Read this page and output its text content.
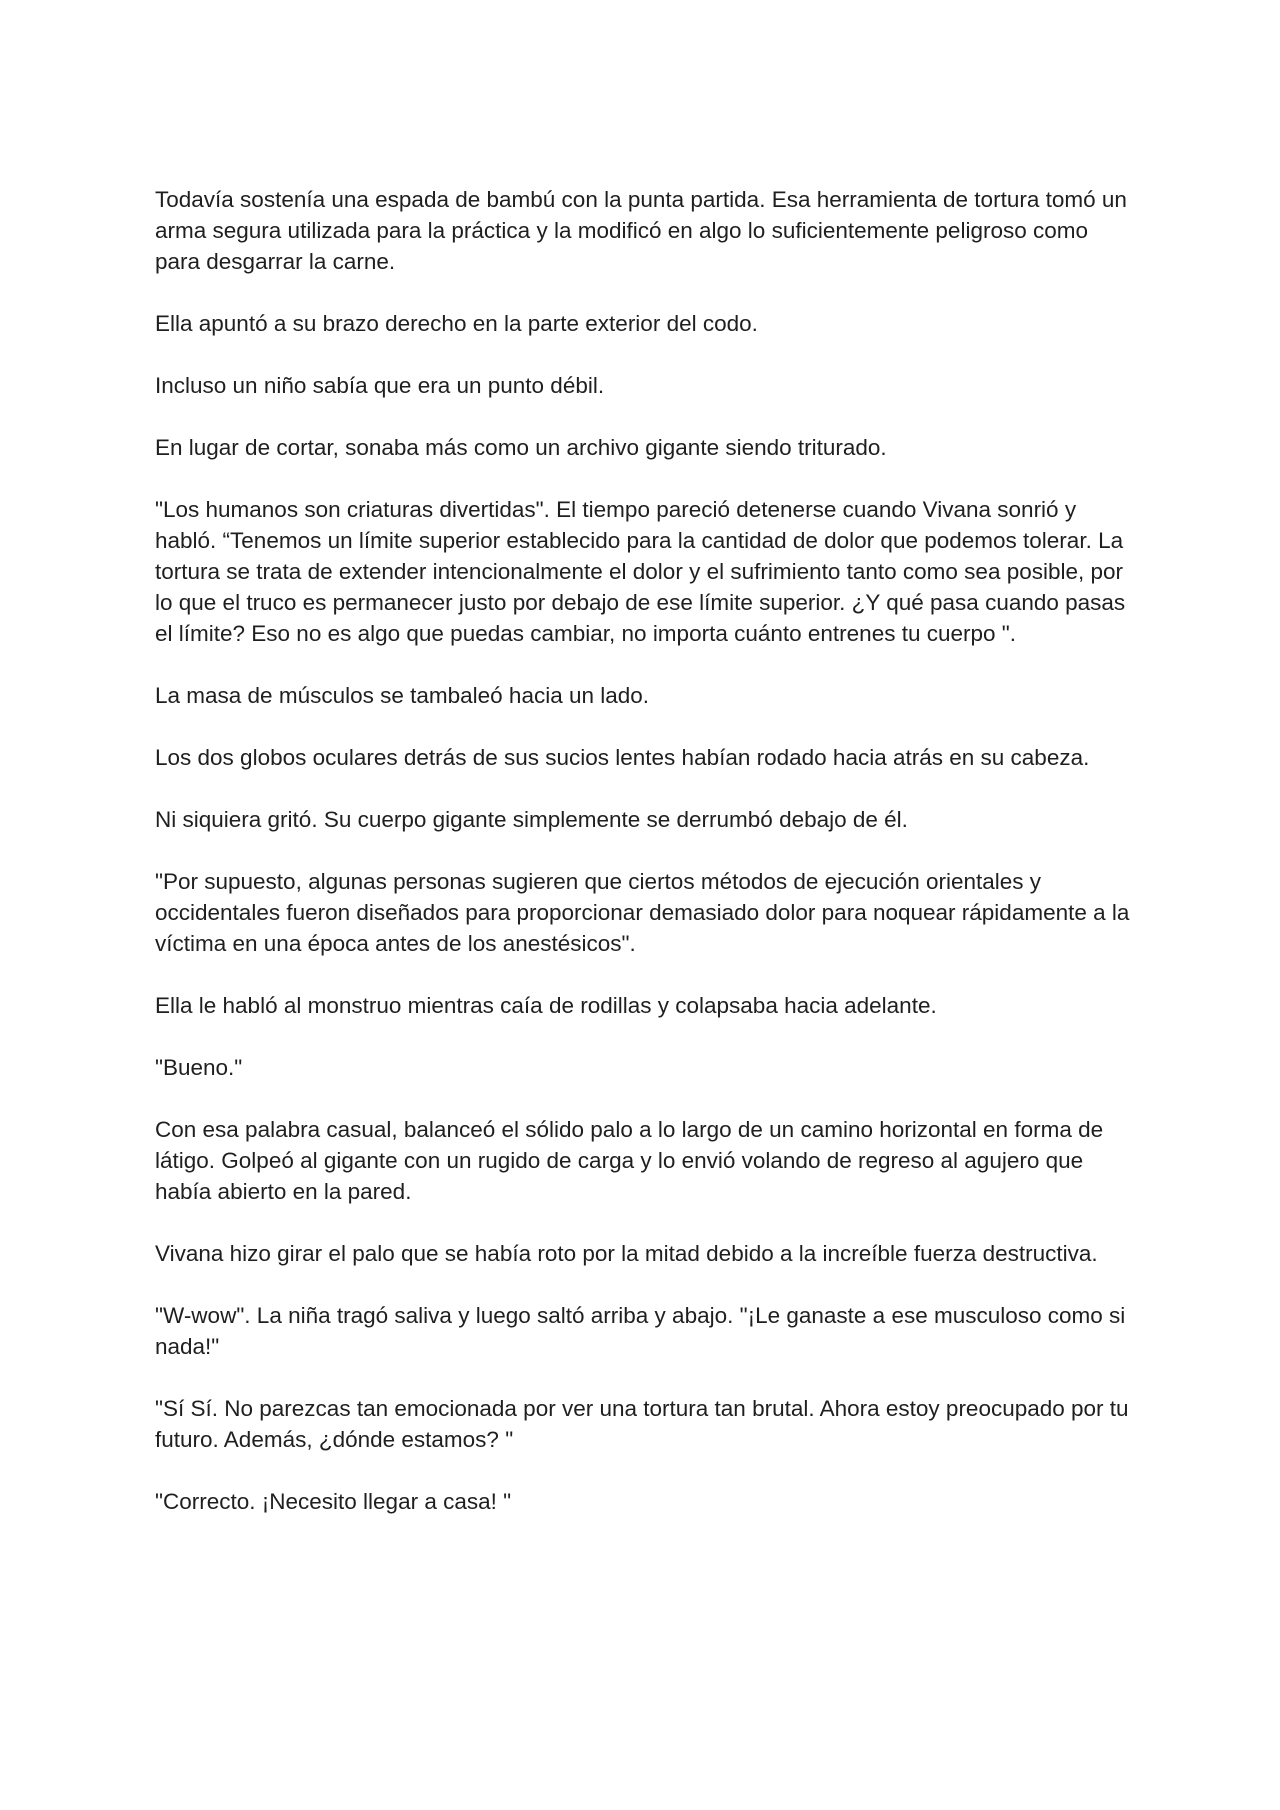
Todavía sostenía una espada de bambú con la punta partida. Esa herramienta de tortura tomó un arma segura utilizada para la práctica y la modificó en algo lo suficientemente peligroso como para desgarrar la carne.

Ella apuntó a su brazo derecho en la parte exterior del codo.

Incluso un niño sabía que era un punto débil.

En lugar de cortar, sonaba más como un archivo gigante siendo triturado.

"Los humanos son criaturas divertidas". El tiempo pareció detenerse cuando Vivana sonrió y habló. “Tenemos un límite superior establecido para la cantidad de dolor que podemos tolerar. La tortura se trata de extender intencionalmente el dolor y el sufrimiento tanto como sea posible, por lo que el truco es permanecer justo por debajo de ese límite superior. ¿Y qué pasa cuando pasas el límite? Eso no es algo que puedas cambiar, no importa cuánto entrenes tu cuerpo ".

La masa de músculos se tambaleó hacia un lado.

Los dos globos oculares detrás de sus sucios lentes habían rodado hacia atrás en su cabeza.

Ni siquiera gritó. Su cuerpo gigante simplemente se derrumbó debajo de él.

"Por supuesto, algunas personas sugieren que ciertos métodos de ejecución orientales y occidentales fueron diseñados para proporcionar demasiado dolor para noquear rápidamente a la víctima en una época antes de los anestésicos".

Ella le habló al monstruo mientras caía de rodillas y colapsaba hacia adelante.

"Bueno."

Con esa palabra casual, balanceó el sólido palo a lo largo de un camino horizontal en forma de látigo. Golpeó al gigante con un rugido de carga y lo envió volando de regreso al agujero que había abierto en la pared.

Vivana hizo girar el palo que se había roto por la mitad debido a la increíble fuerza destructiva.

"W-wow". La niña tragó saliva y luego saltó arriba y abajo. "¡Le ganaste a ese musculoso como si nada!"

"Sí Sí. No parezcas tan emocionada por ver una tortura tan brutal. Ahora estoy preocupado por tu futuro. Además, ¿dónde estamos? "

"Correcto. ¡Necesito llegar a casa! "
